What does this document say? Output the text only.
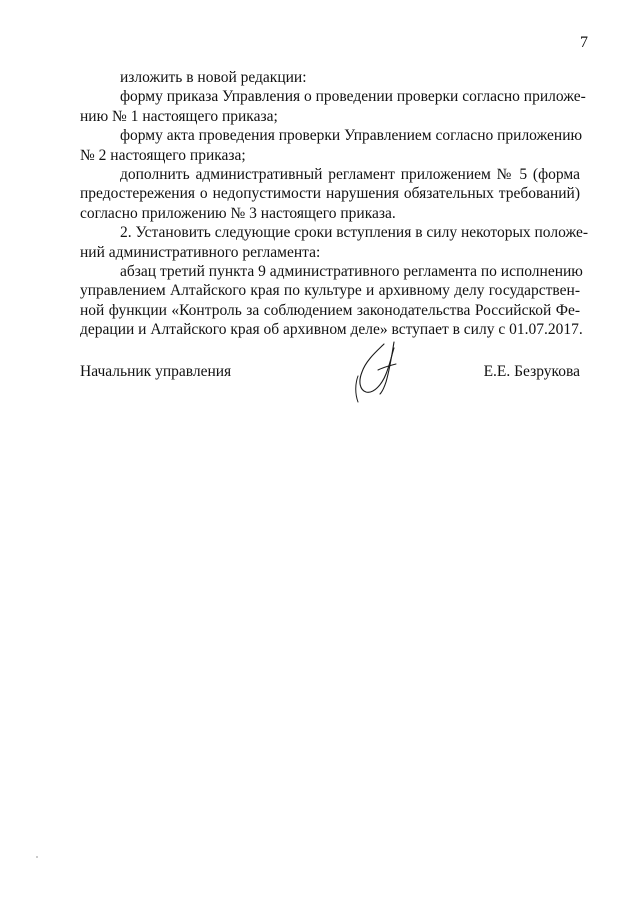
7
изложить в новой редакции:
форму приказа Управления о проведении проверки согласно приложе-
нию № 1 настоящего приказа;
форму акта проведения проверки Управлением согласно приложению
№ 2 настоящего приказа;
дополнить административный регламент приложением № 5 (форма
предостережения о недопустимости нарушения обязательных требований)
согласно приложению № 3 настоящего приказа.
2. Установить следующие сроки вступления в силу некоторых положе-
ний административного регламента:
абзац третий пункта 9 административного регламента по исполнению
управлением Алтайского края по культуре и архивному делу государствен-
ной функции «Контроль за соблюдением законодательства Российской Фе-
дерации и Алтайского края об архивном деле» вступает в силу с 01.07.2017.
Начальник управления	Е.Е. Безрукова
